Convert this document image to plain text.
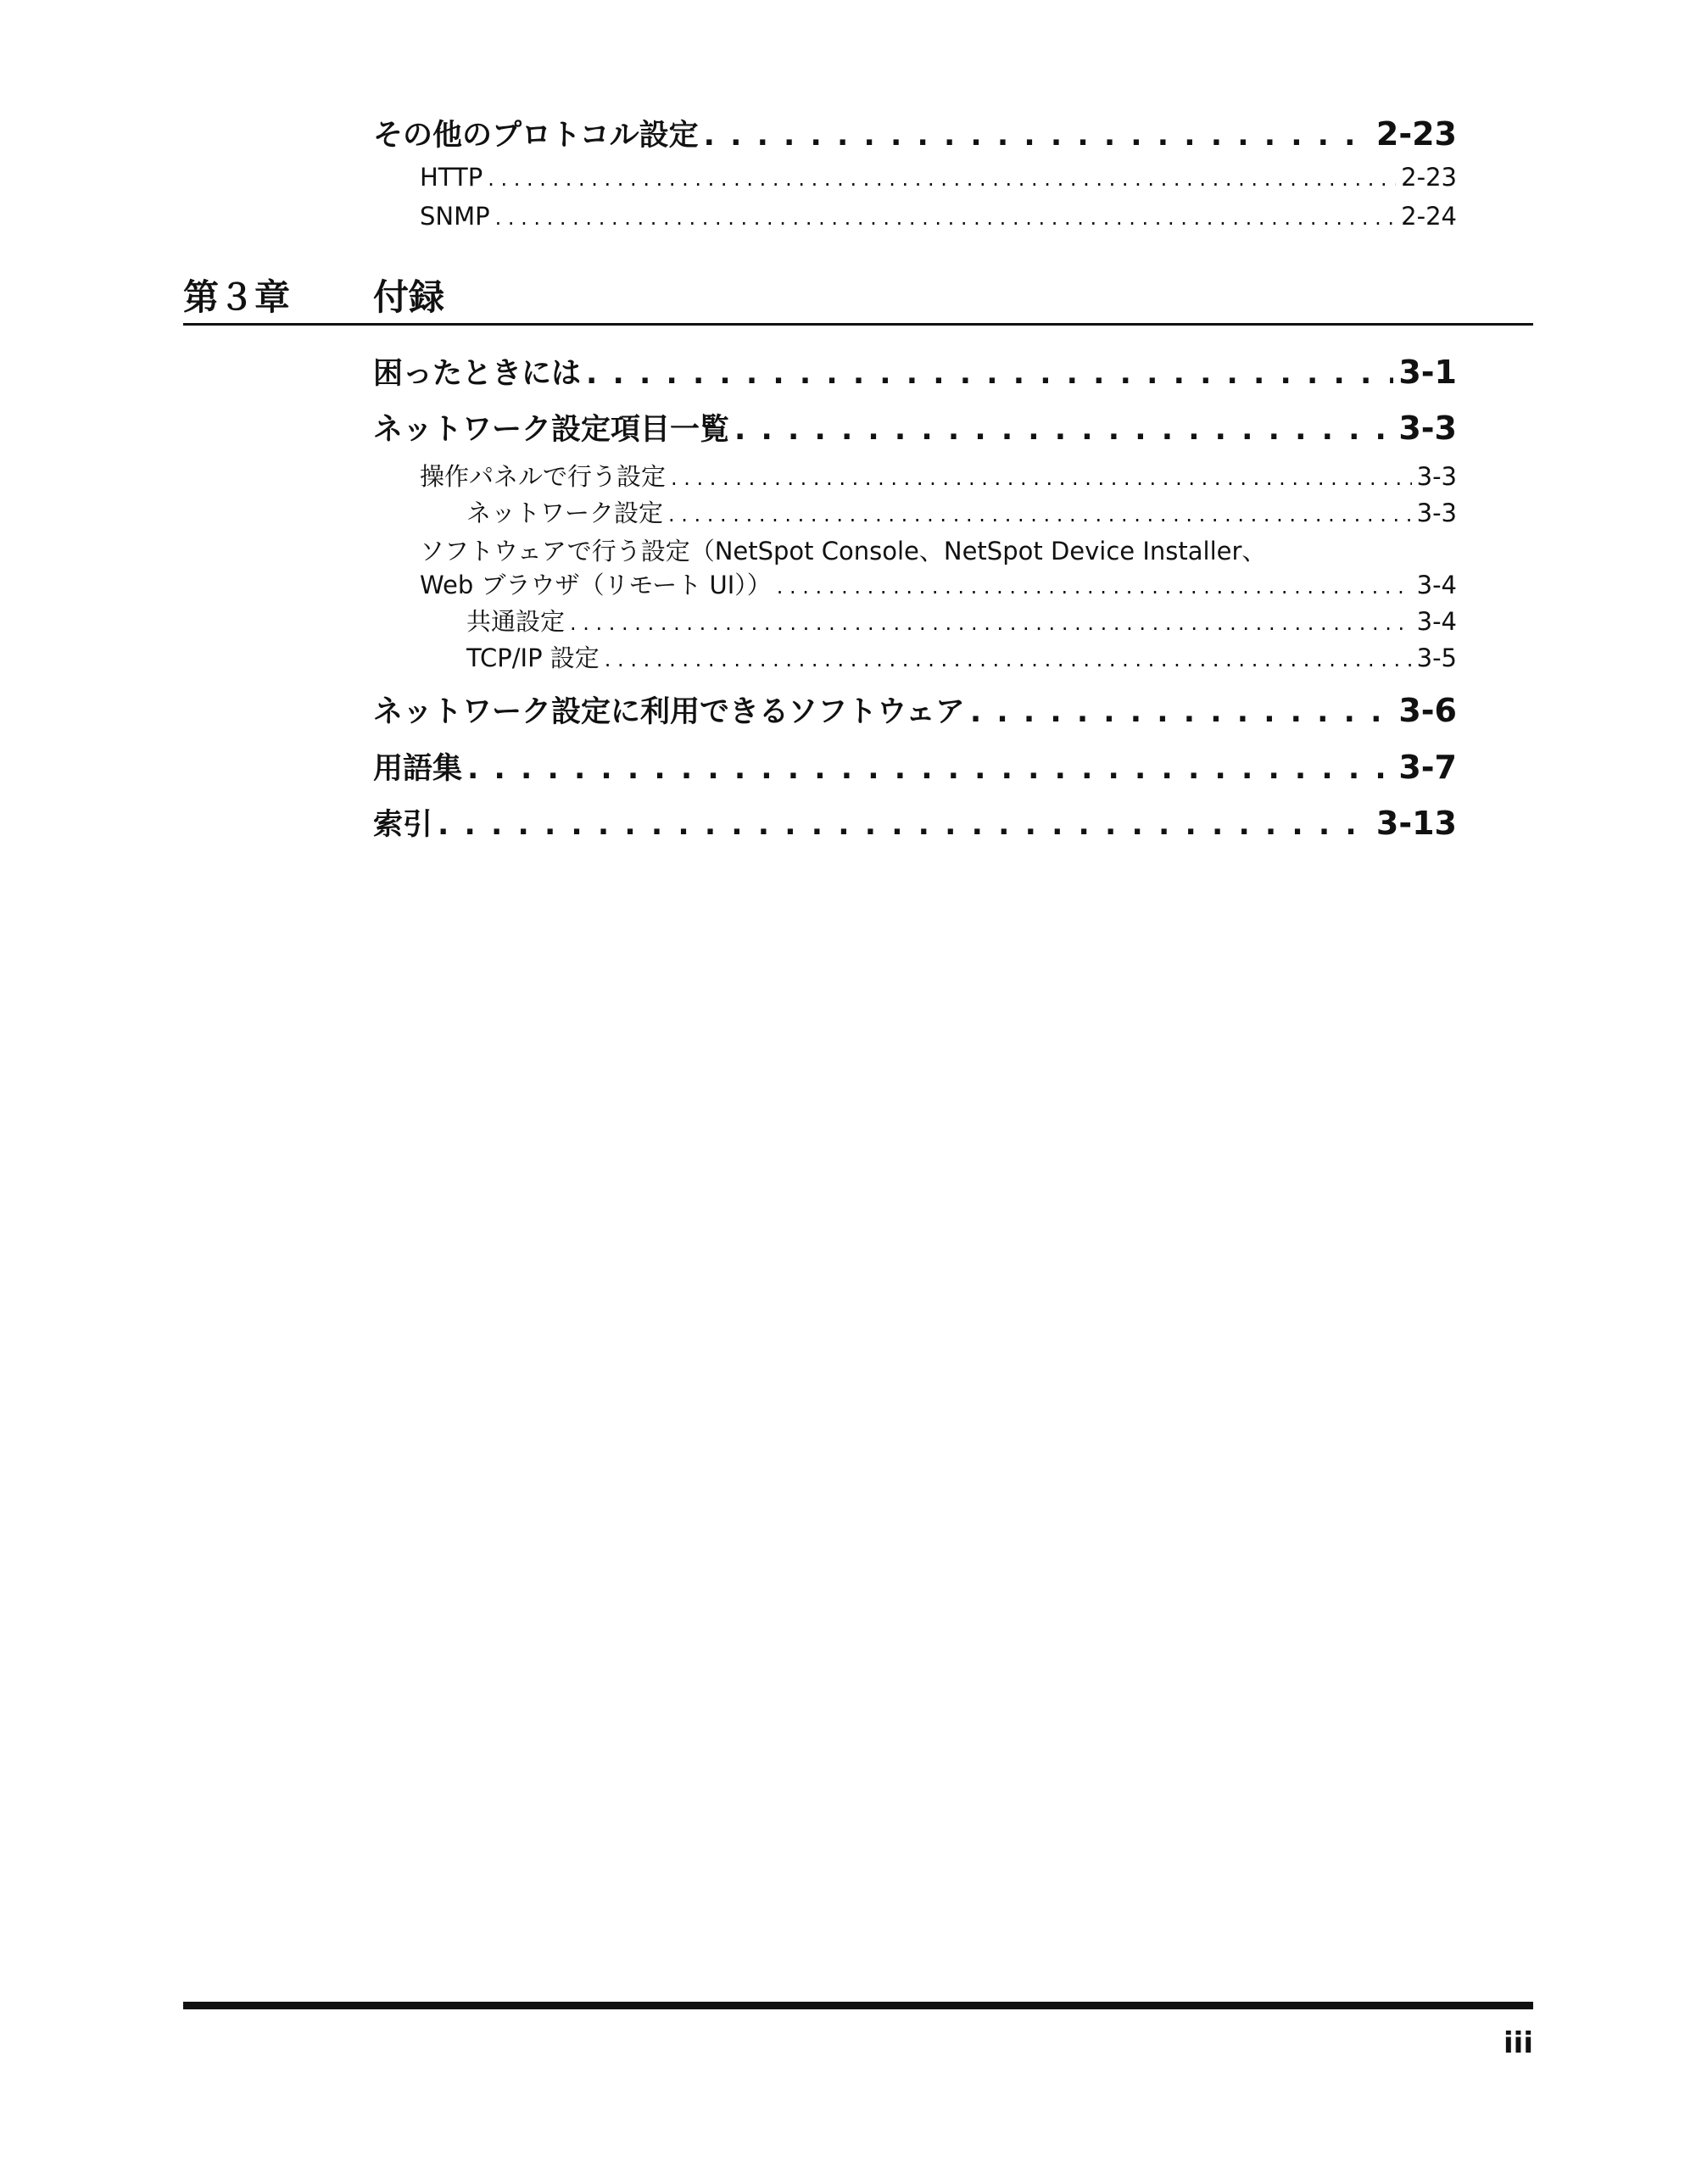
その他のプロトコル設定 . . .	2-23
HTTP . . .	2-23
SNMP . . .	2-24
第３章 付録
困ったときには . . .	3-1
ネットワーク設定項目一覧 . . .	3-3
操作パネルで行う設定 . . .	3-3
ネットワーク設定 . . .	3-3
ソフトウェアで行う設定（NetSpot Console、NetSpot Device Installer、
Web ブラウザ（リモート UI）） . . .	3-4
共通設定 . . .	3-4
TCP/IP 設定 . . .	3-5
ネットワーク設定に利用できるソフトウェア . . .	3-6
用語集 . . .	3-7
索引 . . .	3-13
iii
